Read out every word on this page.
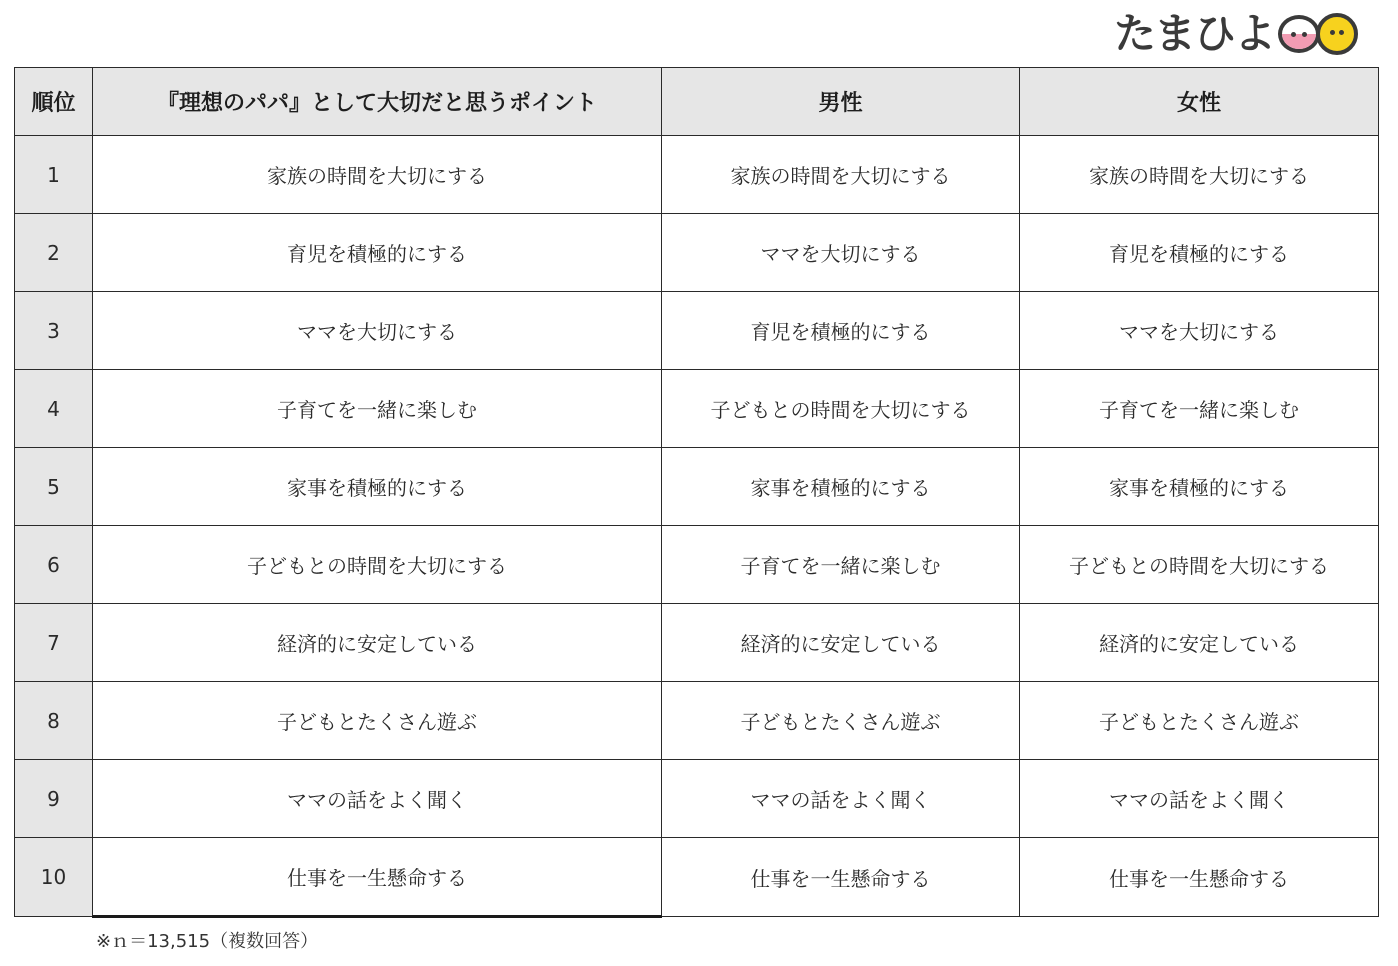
たまひよ
順位	『理想のパパ』として大切だと思うポイント	男性	女性
1	家族の時間を大切にする	家族の時間を大切にする	家族の時間を大切にする
2	育児を積極的にする	ママを大切にする	育児を積極的にする
3	ママを大切にする	育児を積極的にする	ママを大切にする
4	子育てを一緒に楽しむ	子どもとの時間を大切にする	子育てを一緒に楽しむ
5	家事を積極的にする	家事を積極的にする	家事を積極的にする
6	子どもとの時間を大切にする	子育てを一緒に楽しむ	子どもとの時間を大切にする
7	経済的に安定している	経済的に安定している	経済的に安定している
8	子どもとたくさん遊ぶ	子どもとたくさん遊ぶ	子どもとたくさん遊ぶ
9	ママの話をよく聞く	ママの話をよく聞く	ママの話をよく聞く
10	仕事を一生懸命する	仕事を一生懸命する	仕事を一生懸命する
※ｎ＝13,515（複数回答）
